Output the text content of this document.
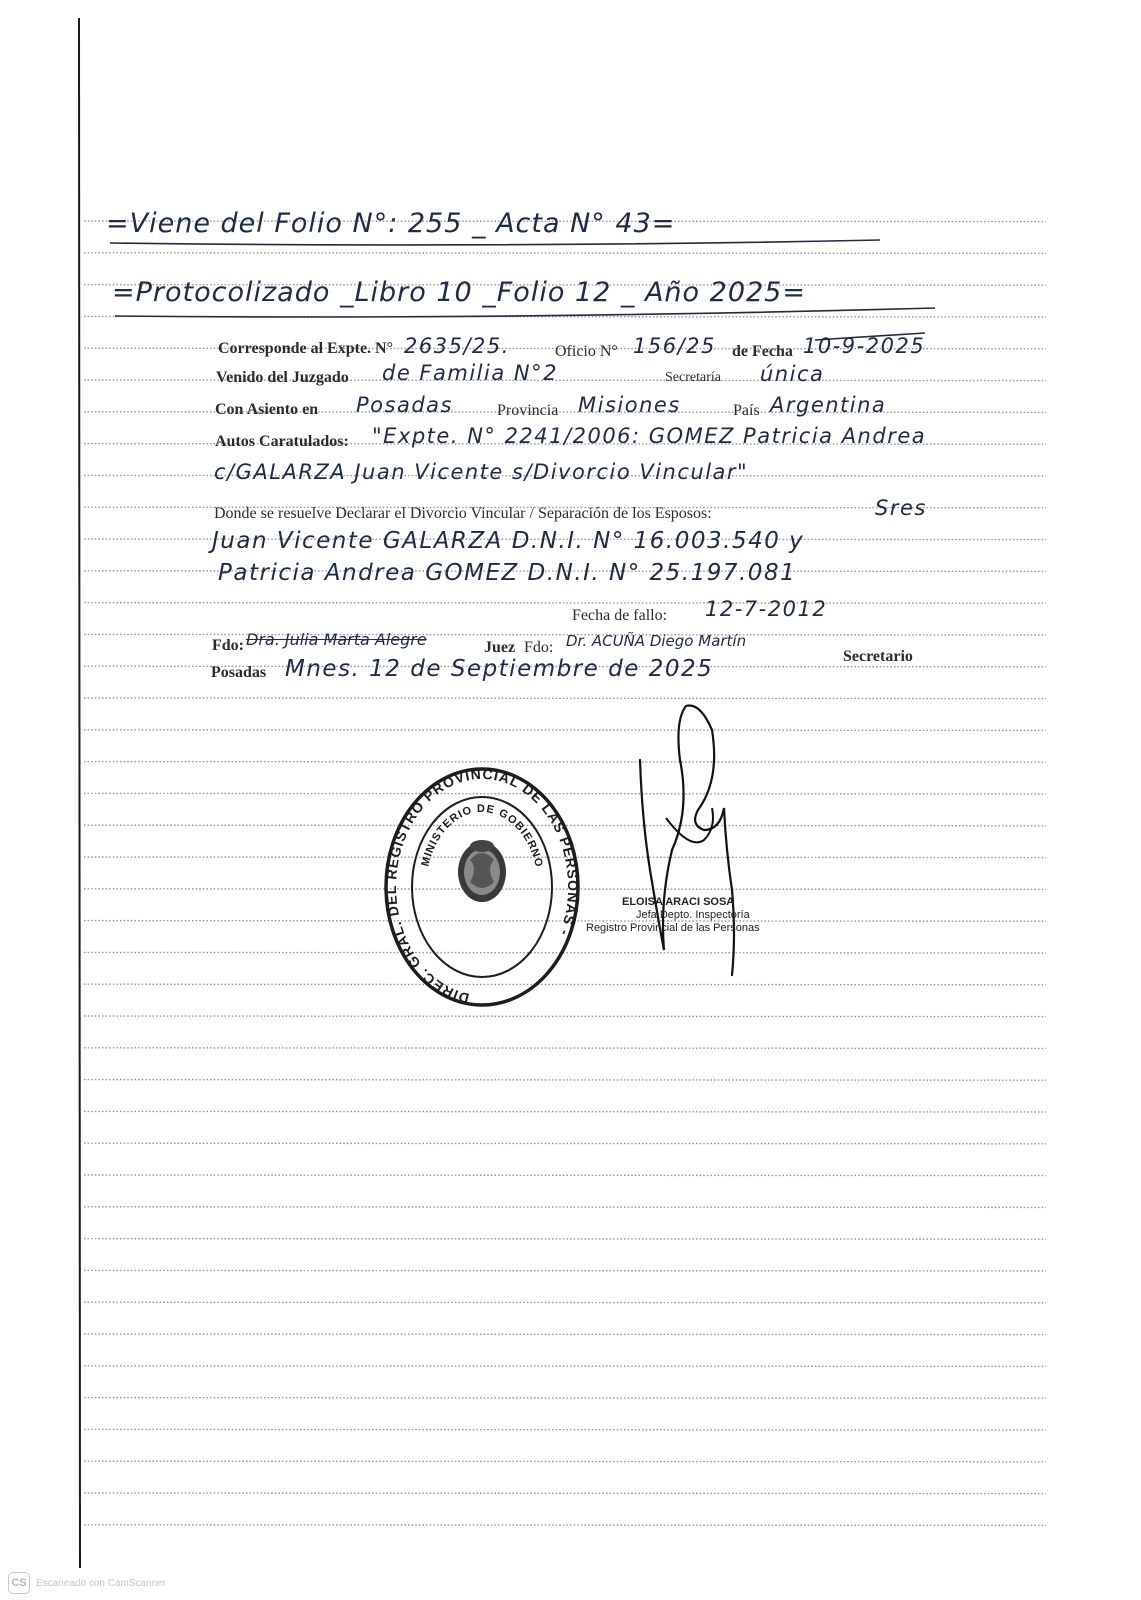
=Viene del Folio N°: 255 _ Acta N° 43=
=Protocolizado _Libro 10 _Folio 12 _ Año 2025=
Corresponde al Expte. N° 2635/25.	Oficio N° 156/25 de Fecha 10-9-2025
Venido del Juzgado de Familia N°2	Secretaría única
Con Asiento en Posadas	Provincia Misiones	País Argentina
Autos Caratulados: "Expte. N° 2241/2006: GOMEZ Patricia Andrea
c/GALARZA Juan Vicente s/Divorcio Vincular"
Donde se resuelve Declarar el Divorcio Vincular / Separación de los Esposos:	Sres
Juan Vicente GALARZA D.N.I. N° 16.003.540 y
Patricia Andrea GOMEZ D.N.I. N° 25.197.081
Fecha de fallo: 12-7-2012
Fdo: Dra. Julia Marta Alegre	Juez Fdo: Dr. ACUÑA Diego Martín
Secretario
Posadas Mnes. 12 de Septiembre de 2025
DIREC. GRAL. DEL REGISTRO PROVINCIAL DE LAS PERSONAS -
MINISTERIO DE GOBIERNO
ELOISA ARACI SOSA
Jefa Depto. Inspectoría
Registro Provincial de las Personas
CS Escaneado con CamScanner
